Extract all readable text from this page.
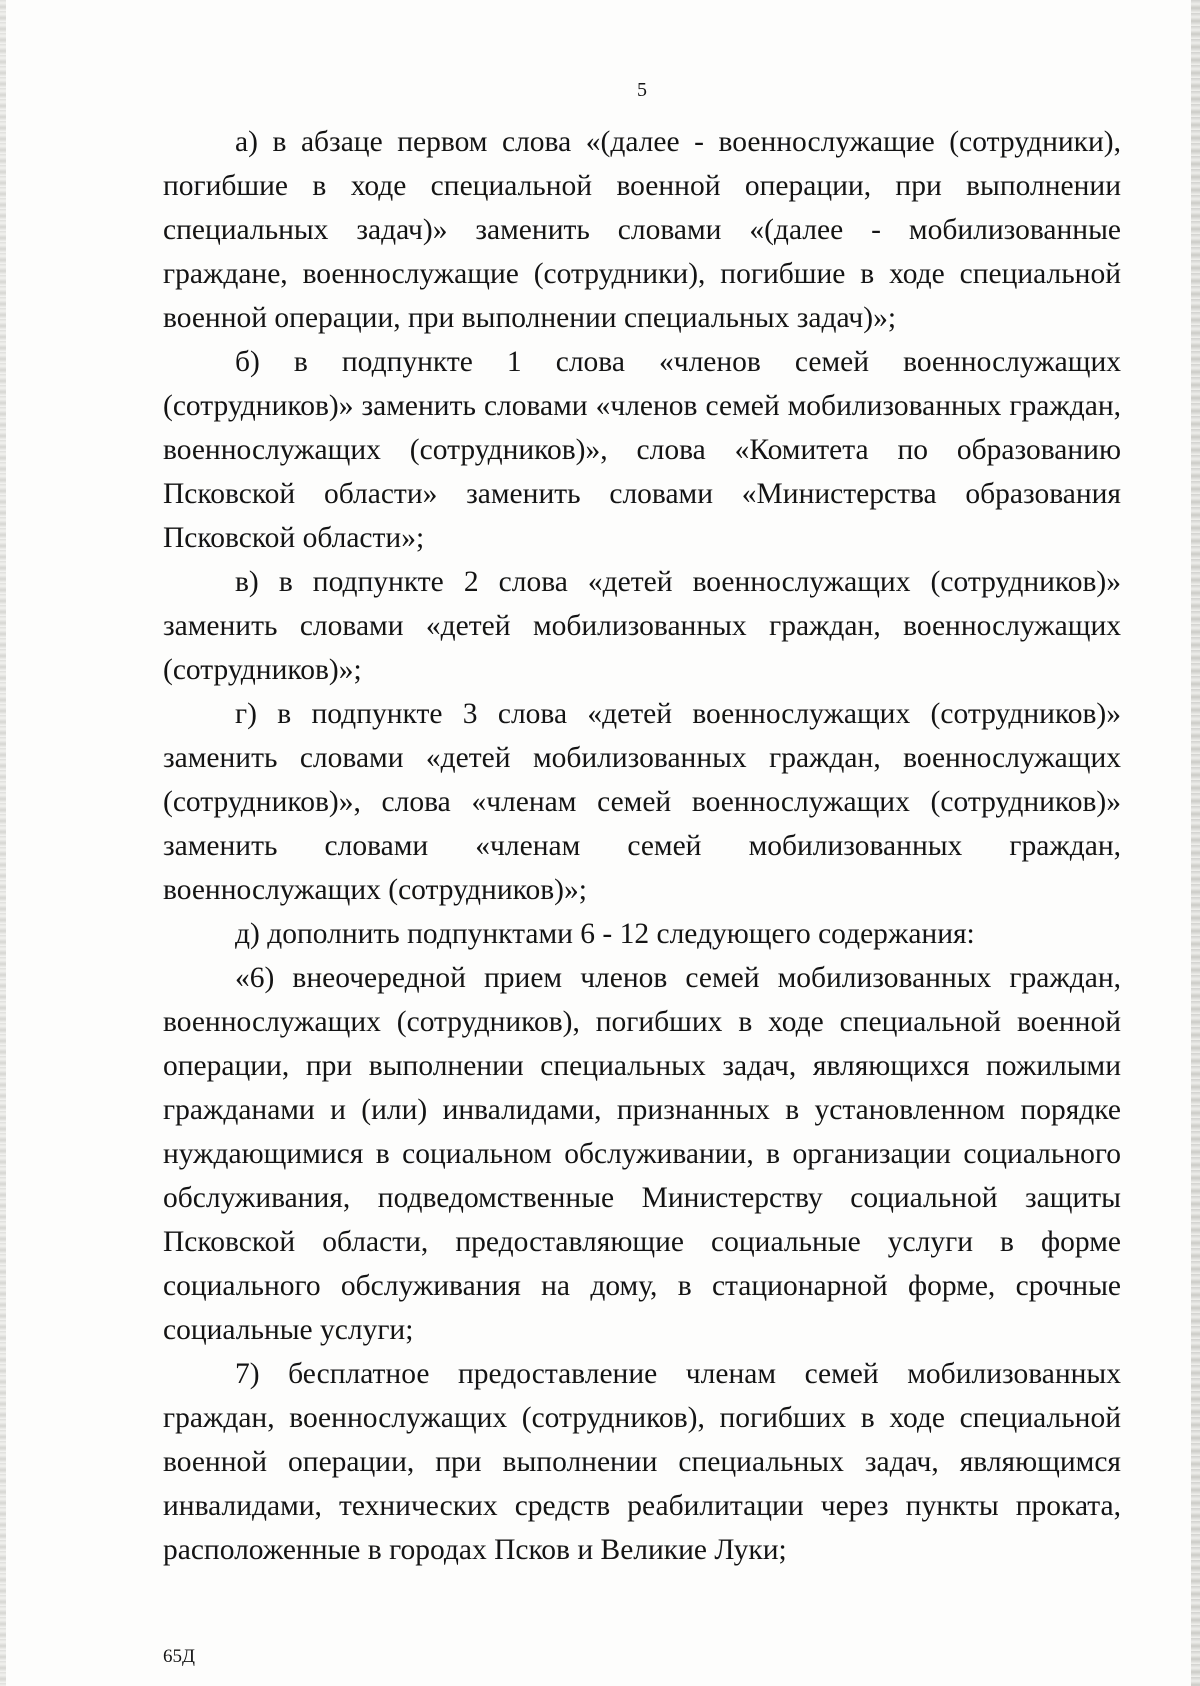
5

а) в абзаце первом слова «(далее - военнослужащие (сотрудники), погибшие в ходе специальной военной операции, при выполнении специальных задач)» заменить словами «(далее - мобилизованные граждане, военнослужащие (сотрудники), погибшие в ходе специальной военной операции, при выполнении специальных задач)»;

б) в подпункте 1 слова «членов семей военнослужащих (сотрудников)» заменить словами «членов семей мобилизованных граждан, военнослужащих (сотрудников)», слова «Комитета по образованию Псковской области» заменить словами «Министерства образования Псковской области»;

в) в подпункте 2 слова «детей военнослужащих (сотрудников)» заменить словами «детей мобилизованных граждан, военнослужащих (сотрудников)»;

г) в подпункте 3 слова «детей военнослужащих (сотрудников)» заменить словами «детей мобилизованных граждан, военнослужащих (сотрудников)», слова «членам семей военнослужащих (сотрудников)» заменить словами «членам семей мобилизованных граждан, военнослужащих (сотрудников)»;

д) дополнить подпунктами 6 - 12 следующего содержания:

«6) внеочередной прием членов семей мобилизованных граждан, военнослужащих (сотрудников), погибших в ходе специальной военной операции, при выполнении специальных задач, являющихся пожилыми гражданами и (или) инвалидами, признанных в установленном порядке нуждающимися в социальном обслуживании, в организации социального обслуживания, подведомственные Министерству социальной защиты Псковской области, предоставляющие социальные услуги в форме социального обслуживания на дому, в стационарной форме, срочные социальные услуги;

7) бесплатное предоставление членам семей мобилизованных граждан, военнослужащих (сотрудников), погибших в ходе специальной военной операции, при выполнении специальных задач, являющимся инвалидами, технических средств реабилитации через пункты проката, расположенные в городах Псков и Великие Луки;

65Д
